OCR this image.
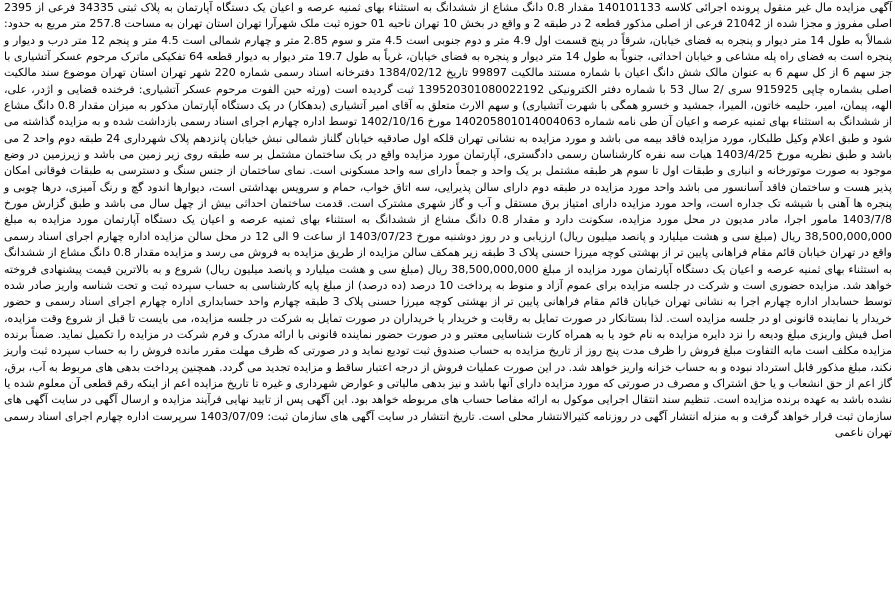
آگهی مزایده مال غیر منقول پرونده اجرائی کلاسه 140101133 مقدار 0.8 دانگ مشاع از ششدانگ به استثناء بهای ثمنیه عرصه و اعیان یک دستگاه آپارتمان به پلاک ثبتی 34335 فرعی از 2395 اصلی مفروز و مجزا شده از 21042 فرعی از اصلی مذکور قطعه 2 در طبقه 2 و واقع در بخش 10 تهران ناحیه 01 حوزه ثبت ملک شهرآرا تهران استان تهران به مساحت 257.8 متر مربع به حدود: شمالاً به طول 14 متر دیوار و پنجره به فضای خیابان، شرقاً در پنج قسمت اول 4.9 متر و دوم جنوبی است 4.5 متر و سوم 2.85 متر و چهارم شمالی است 4.5 متر و پنجم 12 متر درب و دیوار و پنجره است به فضای راه پله مشاعی و خیابان احداثی، جنوباً به طول 14 متر دیوار و پنجره به فضای خیابان، غرباً به طول 19.7 متر دیوار به دیوار قطعه 64 تفکیکی ماترک مرحوم عسکر آتشیاری با جز سهم 6 از کل سهم 6 به عنوان مالک شش دانگ اعیان با شماره مستند مالکیت 99897 تاریخ 1384/02/12 دفترخانه اسناد رسمی شماره 220 شهر تهران استان تهران موضوع سند مالکیت اصلی بشماره چاپی 915925 سری /2 سال 53 با شماره دفتر الکترونیکی 139520301080022192 ثبت گردیده است (ورثه حین الفوت مرحوم عسکر آتشیاری: فرخنده قضایی و اژدر، علی، الهه، پیمان، امیر، حلیمه خاتون، المیرا، جمشید و خسرو همگی با شهرت آتشیاری) و سهم الارث متعلق به آقای امیر آتشیاری (بدهکار) در یک دستگاه آپارتمان مذکور به میزان مقدار 0.8 دانگ مشاع از ششدانگ به استثناء بهای ثمنیه عرصه و اعیان آن طی نامه شماره 140205801014004063 مورخ 1402/10/16 توسط اداره چهارم اجرای اسناد رسمی بازداشت شده و به مزایده گذاشته می شود و طبق اعلام وکیل طلبکار، مورد مزایده فاقد بیمه می باشد و مورد مزایده به نشانی تهران قلکه اول صادقیه خیابان گلناز شمالی نبش خیابان پانزدهم پلاک شهرداری 24 طبقه دوم واحد 2 می باشد و طبق نظریه مورخ 1403/4/25 هیات سه نفره کارشناسان رسمی دادگستری، آپارتمان مورد مزایده واقع در یک ساختمان مشتمل بر سه طبقه روی زیر زمین می باشد و زیرزمین در وضع موجود به صورت موتورخانه و انباری و طبقات اول تا سوم هر طبقه مشتمل بر یک واحد و جمعاً دارای سه واحد مسکونی است. نمای ساختمان از جنس سنگ و دسترسی به طبقات فوقانی امکان پذیر هست و ساختمان فاقد آسانسور می باشد واحد مورد مزایده در طبقه دوم دارای سالن پذیرایی، سه اتاق خواب، حمام و سرویس بهداشتی است، دیوارها اندود گچ و رنگ آمیزی، درها چوبی و پنجره ها آهنی با شیشه تک جداره است، واحد مورد مزایده دارای امتیاز برق مستقل و آب و گاز شهری مشترک است. قدمت ساختمان احداثی بیش از چهل سال می باشد و طبق گزارش مورخ 1403/7/8 مامور اجرا، مادر مدیون در محل مورد مزایده، سکونت دارد و مقدار 0.8 دانگ مشاع از ششدانگ به استثناء بهای ثمنیه عرصه و اعیان یک دستگاه آپارتمان مورد مزایده به مبلغ 38,500,000,000 ریال (مبلغ سی و هشت میلیارد و پانصد میلیون ریال) ارزیابی و در روز دوشنبه مورخ 1403/07/23 از ساعت 9 الی 12 در محل سالن مزایده اداره چهارم اجرای اسناد رسمی واقع در تهران خیابان قائم مقام فراهانی پایین تر از بهشتی کوچه میرزا حسنی پلاک 3 طبقه زیر همکف سالن مزایده از طریق مزایده به فروش می رسد و مزایده مقدار 0.8 دانگ مشاع از ششدانگ به استثناء بهای ثمنیه عرصه و اعیان یک دستگاه آپارتمان مورد مزایده از مبلغ 38,500,000,000 ریال (مبلغ سی و هشت میلیارد و پانصد میلیون ریال) شروع و به بالاترین قیمت پیشنهادی فروخته خواهد شد. مزایده حضوری است و شرکت در جلسه مزایده برای عموم آزاد و منوط به پرداخت 10 درصد (ده درصد) از مبلغ پایه کارشناسی به حساب سپرده ثبت و تحت شناسه واریز صادر شده توسط حسابدار اداره چهارم اجرا به نشانی تهران خیابان قائم مقام فراهانی پایین تر از بهشتی کوچه میرزا حسنی پلاک 3 طبقه چهارم واحد حسابداری اداره چهارم اجرای اسناد رسمی و حضور خریدار یا نماینده قانونی او در جلسه مزایده است. لذا بستانکار در صورت تمایل به رقابت و خریدار یا خریداران در صورت تمایل به شرکت در جلسه مزایده، می بایست تا قبل از شروع وقت مزایده، اصل فیش واریزی مبلغ ودیعه را نزد دایره مزایده به نام خود یا به همراه کارت شناسایی معتبر و در صورت حضور نماینده قانونی با ارائه مدرک و فرم شرکت در مزایده را تکمیل نماید. ضمناً برنده مزایده مکلف است مابه التفاوت مبلغ فروش را ظرف مدت پنج روز از تاریخ مزایده به حساب صندوق ثبت تودیع نماید و در صورتی که ظرف مهلت مقرر مانده فروش را به حساب سپرده ثبت واریز نکند، مبلغ مذکور قابل استرداد نبوده و به حساب خزانه واریز خواهد شد. در این صورت عملیات فروش از درجه اعتبار ساقط و مزایده تجدید می گردد. همچنین پرداخت بدهی های مربوط به آب، برق، گاز اعم از حق انشعاب و یا حق اشتراک و مصرف در صورتی که مورد مزایده دارای آنها باشد و نیز بدهی مالیاتی و عوارض شهرداری و غیره تا تاریخ مزایده اعم از اینکه رقم قطعی آن معلوم شده یا نشده باشد به عهده برنده مزایده است. تنظیم سند انتقال اجرایی موکول به ارائه مفاصا حساب های مربوطه خواهد بود. این آگهی پس از تایید نهایی فرآیند مزایده و ارسال آگهی در سایت آگهی های سازمان ثبت قرار خواهد گرفت و به منزله انتشار آگهی در روزنامه کثیرالانتشار محلی است. تاریخ انتشار در سایت آگهی های سازمان ثبت: 1403/07/09 سرپرست اداره چهارم اجرای اسناد رسمی تهران ناعمی
